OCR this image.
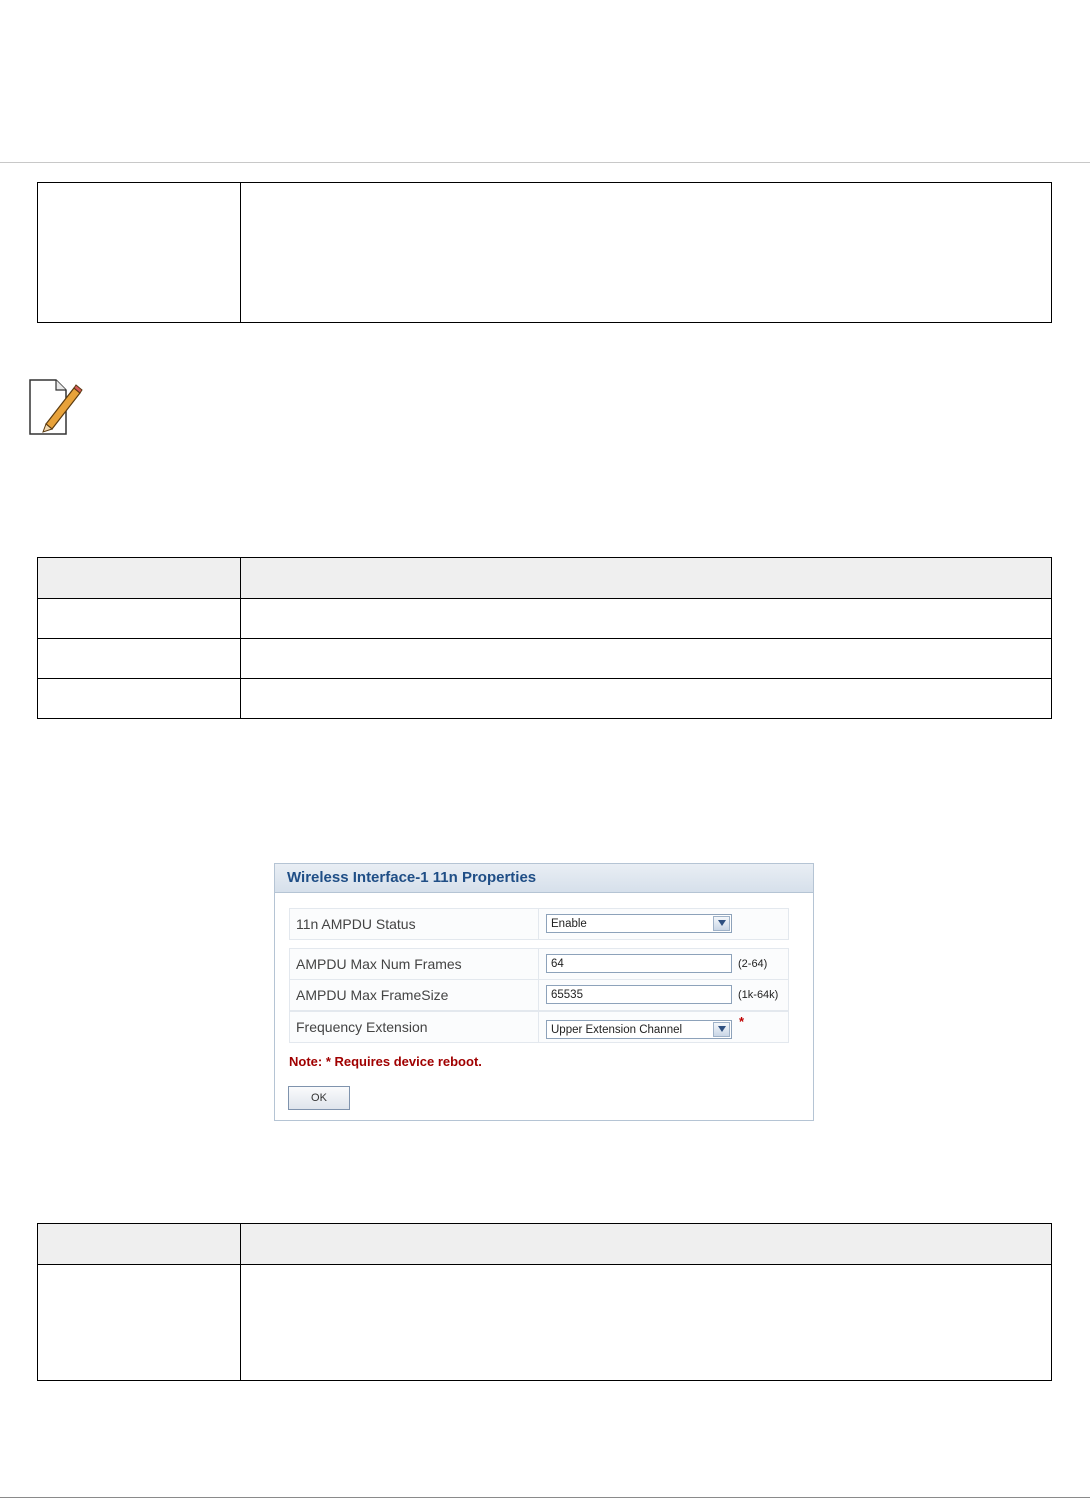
Wireless Interface-1 11n Properties
11n AMPDU Status	Enable
AMPDU Max Num Frames	64	(2-64)
AMPDU Max FrameSize	65535	(1k-64k)
Frequency Extension	Upper Extension Channel
*
Note: * Requires device reboot.
OK
